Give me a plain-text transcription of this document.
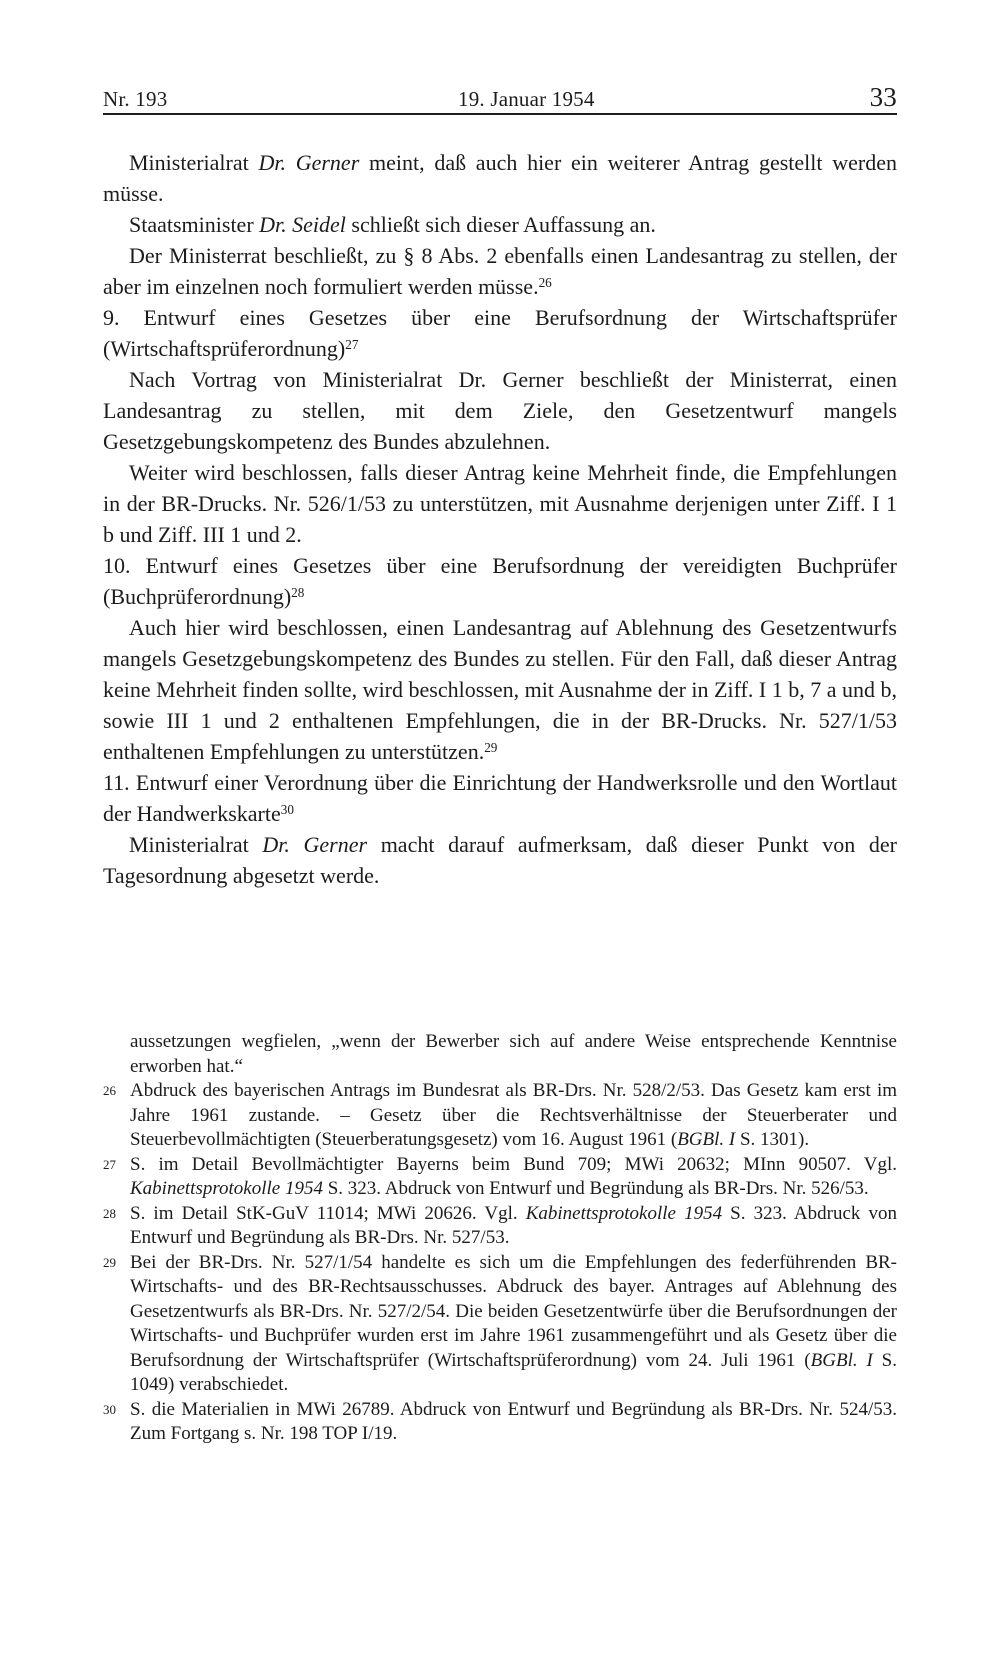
Nr. 193	19. Januar 1954	33

Ministerialrat Dr. Gerner meint, daß auch hier ein weiterer Antrag gestellt werden müsse.

Staatsminister Dr. Seidel schließt sich dieser Auffassung an.

Der Ministerrat beschließt, zu § 8 Abs. 2 ebenfalls einen Landesantrag zu stellen, der aber im einzelnen noch formuliert werden müsse.$^{26}$

9. Entwurf eines Gesetzes über eine Berufsordnung der Wirtschaftsprüfer (Wirtschaftsprüferordnung)$^{27}$

Nach Vortrag von Ministerialrat Dr. Gerner beschließt der Ministerrat, einen Landesantrag zu stellen, mit dem Ziele, den Gesetzentwurf mangels Gesetzgebungskompetenz des Bundes abzulehnen.

Weiter wird beschlossen, falls dieser Antrag keine Mehrheit finde, die Empfehlungen in der BR-Drucks. Nr. 526/1/53 zu unterstützen, mit Ausnahme derjenigen unter Ziff. I 1 b und Ziff. III 1 und 2.

10. Entwurf eines Gesetzes über eine Berufsordnung der vereidigten Buchprüfer (Buchprüferordnung)$^{28}$

Auch hier wird beschlossen, einen Landesantrag auf Ablehnung des Gesetzentwurfs mangels Gesetzgebungskompetenz des Bundes zu stellen. Für den Fall, daß dieser Antrag keine Mehrheit finden sollte, wird beschlossen, mit Ausnahme der in Ziff. I 1 b, 7 a und b, sowie III 1 und 2 enthaltenen Empfehlungen, die in der BR-Drucks. Nr. 527/1/53 enthaltenen Empfehlungen zu unterstützen.$^{29}$

11. Entwurf einer Verordnung über die Einrichtung der Handwerksrolle und den Wortlaut der Handwerkskarte$^{30}$

Ministerialrat Dr. Gerner macht darauf aufmerksam, daß dieser Punkt von der Tagesordnung abgesetzt werde.

aussetzungen wegfielen, „wenn der Bewerber sich auf andere Weise entsprechende Kenntnise erworben hat.“
26 Abdruck des bayerischen Antrags im Bundesrat als BR-Drs. Nr. 528/2/53. Das Gesetz kam erst im Jahre 1961 zustande. – Gesetz über die Rechtsverhältnisse der Steuerberater und Steuerbevollmächtigten (Steuerberatungsgesetz) vom 16. August 1961 (BGBl. I S. 1301).
27 S. im Detail Bevollmächtigter Bayerns beim Bund 709; MWi 20632; MInn 90507. Vgl. Kabinettsprotokolle 1954 S. 323. Abdruck von Entwurf und Begründung als BR-Drs. Nr. 526/53.
28 S. im Detail StK-GuV 11014; MWi 20626. Vgl. Kabinettsprotokolle 1954 S. 323. Abdruck von Entwurf und Begründung als BR-Drs. Nr. 527/53.
29 Bei der BR-Drs. Nr. 527/1/54 handelte es sich um die Empfehlungen des federführenden BR-Wirtschafts- und des BR-Rechtsausschusses. Abdruck des bayer. Antrages auf Ablehnung des Gesetzentwurfs als BR-Drs. Nr. 527/2/54. Die beiden Gesetzentwürfe über die Berufsordnungen der Wirtschafts- und Buchprüfer wurden erst im Jahre 1961 zusammengeführt und als Gesetz über die Berufsordnung der Wirtschaftsprüfer (Wirtschaftsprüferordnung) vom 24. Juli 1961 (BGBl. I S. 1049) verabschiedet.
30 S. die Materialien in MWi 26789. Abdruck von Entwurf und Begründung als BR-Drs. Nr. 524/53. Zum Fortgang s. Nr. 198 TOP I/19.
